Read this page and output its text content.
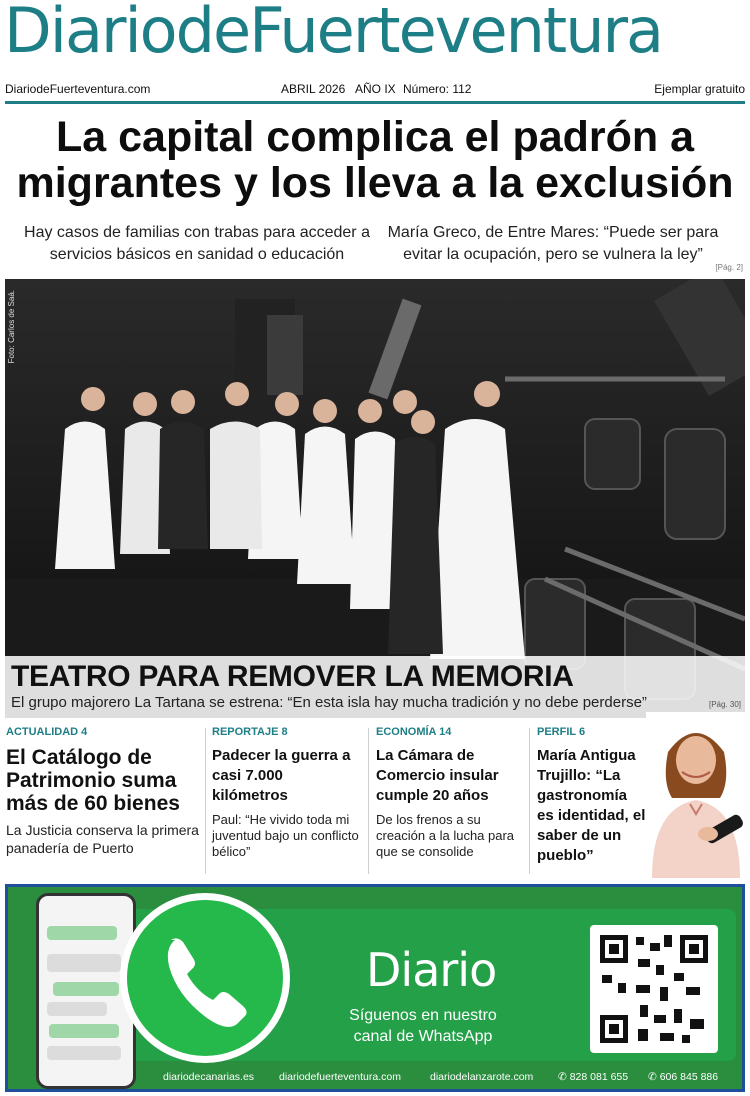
DiariodeFuerteventura
DiariodeFuerteventura.com	ABRIL 2026 AÑO IX Número: 112	Ejemplar gratuito
La capital complica el padrón a
migrantes y los lleva a la exclusión
Hay casos de familias con trabas para acceder a servicios básicos en sanidad o educación
María Greco, de Entre Mares: “Puede ser para evitar la ocupación, pero se vulnera la ley”
[Pág. 2]
Foto: Carlos de Saá.
TEATRO PARA REMOVER LA MEMORIA
El grupo majorero La Tartana se estrena: “En esta isla hay mucha tradición y no debe perderse”	[Pág. 30]
ACTUALIDAD 4
El Catálogo de Patrimonio suma más de 60 bienes

La Justicia conserva la primera panadería de Puerto

REPORTAJE 8
Padecer la guerra a casi 7.000 kilómetros

Paul: “He vivido toda mi juventud bajo un conflicto bélico”

ECONOMÍA 14
La Cámara de Comercio insular cumple 20 años

De los frenos a su creación a la lucha para que se consolide

PERFIL 6
María Antigua Trujillo: “La gastronomía es identidad, el saber de un pueblo”
Diario
Síguenos en nuestro canal de WhatsApp
diariodecanarias.es diariodefuerteventura.com	diariodelanzarote.com ✆ 828 081 655 ✆ 606 845 886
